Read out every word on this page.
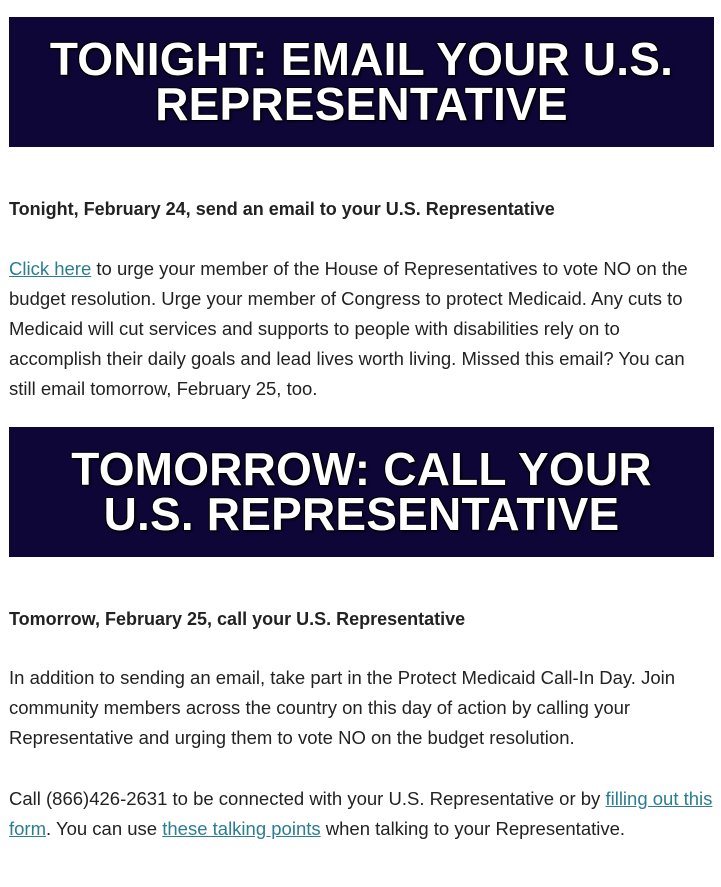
TONIGHT: EMAIL YOUR U.S.
REPRESENTATIVE

Tonight, February 24, send an email to your U.S. Representative

Click here to urge your member of the House of Representatives to vote NO on the budget resolution. Urge your member of Congress to protect Medicaid. Any cuts to Medicaid will cut services and supports to people with disabilities rely on to accomplish their daily goals and lead lives worth living. Missed this email? You can still email tomorrow, February 25, too.

TOMORROW: CALL YOUR
U.S. REPRESENTATIVE

Tomorrow, February 25, call your U.S. Representative

In addition to sending an email, take part in the Protect Medicaid Call-In Day. Join community members across the country on this day of action by calling your Representative and urging them to vote NO on the budget resolution.

Call (866)426-2631 to be connected with your U.S. Representative or by filling out this form. You can use these talking points when talking to your Representative.
